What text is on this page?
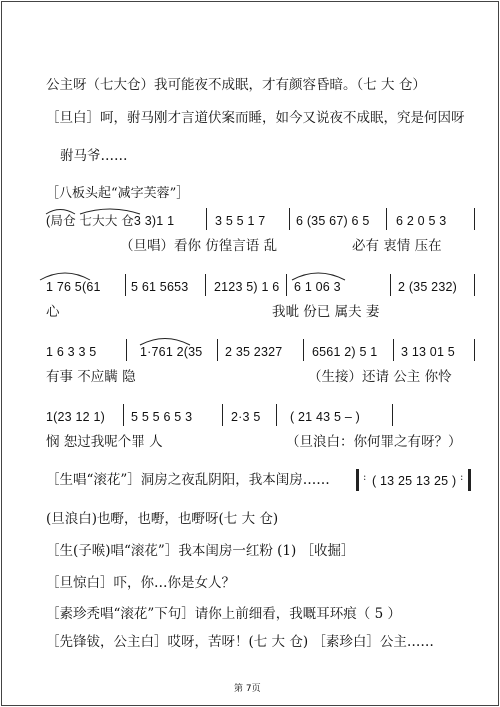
公主呀（七大仓）我可能夜不成眠，才有颜容昏暗。（七 大 仓）
［旦白］呵，驸马刚才言道伏案而睡，如今又说夜不成眠，究是何因呀
驸马爷……
［八板头起“减字芙蓉”］
(局仓 七大大 仓3 3)1 1	3 5 5 1 7 6 (35 67) 6 5 6 2 0 5 3
（旦唱）看你 仿徨言语 乱	必有 衷情 压在
1 76 5(61 5 61 5653 2123 5) 1 6 6 1 06 3	2 (35 232)
心	我呲 份已 属夫 妻
1 6 3 3 5	1·761 2(35 2 35 2327 6561 2) 5 1 3 13 01 5
有事 不应瞒 隐	（生接）还请 公主 你怜
1(23 12 1) 5 5 5 6 5 3	2·3 5 ( 21 43 5 – )
悯 恕过我呢个罪 人	（旦浪白：你何罪之有呀？）
［生唱“滚花”］洞房之夜乱阴阳，我本闺房……	: ( 13 25 13 25 ) :
(旦浪白)也嘢，也嘢，也嘢呀(七 大 仓)
［生(子喉)唱“滚花”］我本闺房一红粉 (1) ［收掘］
［旦惊白］吓，你…你是女人？
［素珍秃唱“滚花”下句］请你上前细看，我嘅耳环痕（ 5 ）
［先锋钹，公主白］哎呀，苦呀！(七 大 仓) ［素珍白］公主……
第 7页
